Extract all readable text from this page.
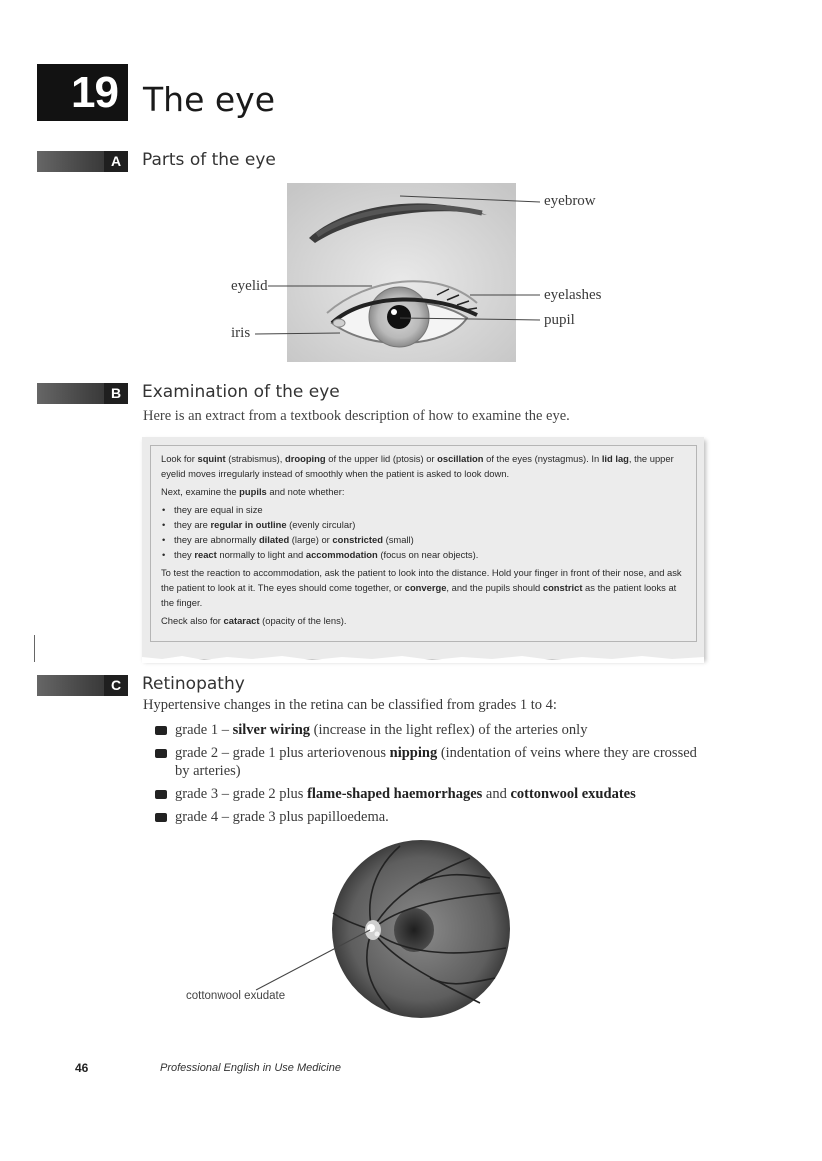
19 The eye
A	Parts of the eye
eyebrow
eyelid
eyelashes
pupil
iris
B	Examination of the eye
Here is an extract from a textbook description of how to examine the eye.

Look for squint (strabismus), drooping of the upper lid (ptosis) or oscillation of the eyes (nystagmus). In lid lag, the upper eyelid moves irregularly instead of smoothly when the patient is asked to look down.

Next, examine the pupils and note whether:

• they are equal in size
• they are regular in outline (evenly circular)
• they are abnormally dilated (large) or constricted (small)
• they react normally to light and accommodation (focus on near objects).

To test the reaction to accommodation, ask the patient to look into the distance. Hold your finger in front of their nose, and ask the patient to look at it. The eyes should come together, or converge, and the pupils should constrict as the patient looks at the finger.

Check also for cataract (opacity of the lens).

C	Retinopathy
Hypertensive changes in the retina can be classified from grades 1 to 4:
grade 1 – silver wiring (increase in the light reflex) of the arteries only
grade 2 – grade 1 plus arteriovenous nipping (indentation of veins where they are crossed by arteries)
grade 3 – grade 2 plus flame-shaped haemorrhages and cottonwool exudates
grade 4 – grade 3 plus papilloedema.
cottonwool exudate
46	Professional English in Use Medicine
